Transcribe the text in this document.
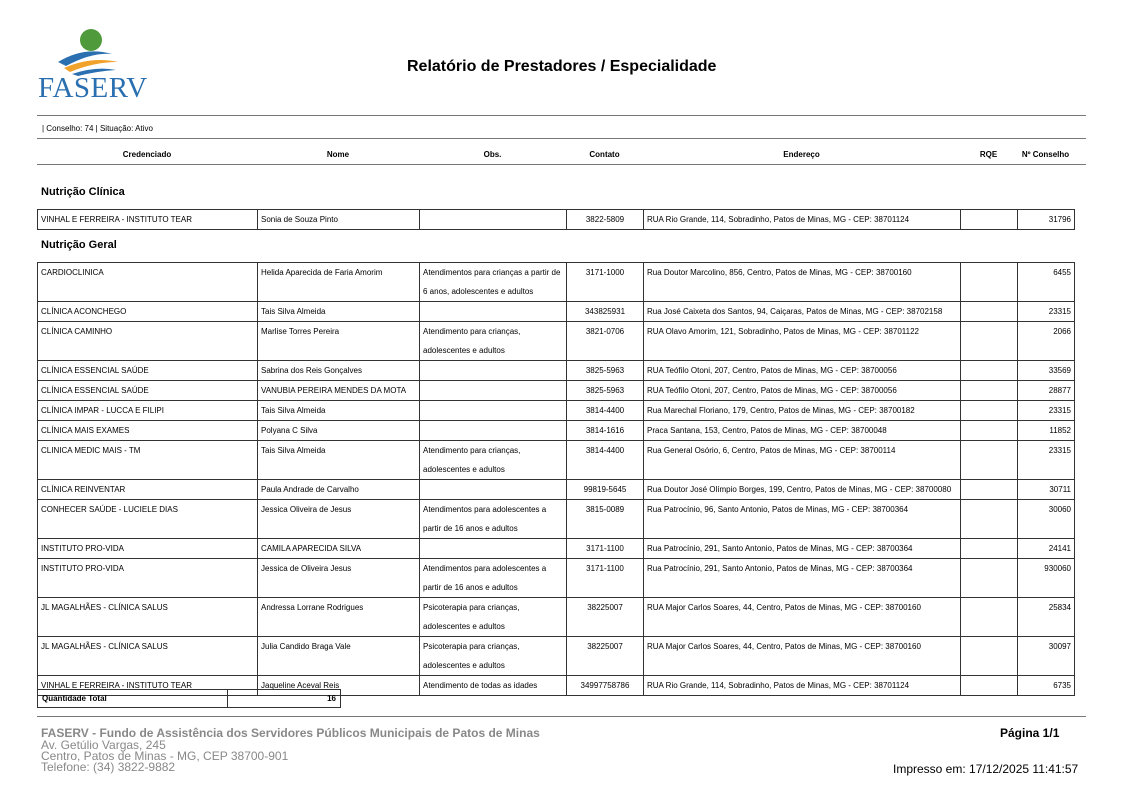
FASERV
Relatório de Prestadores / Especialidade
| Conselho: 74 | Situação: Ativo
Credenciado	Nome	Obs.	Contato	Endereço	RQE	Nº Conselho
Nutrição Clínica
VINHAL E FERREIRA - INSTITUTO TEAR	Sonia de Souza Pinto		3822-5809	RUA Rio Grande, 114, Sobradinho, Patos de Minas, MG - CEP: 38701124		31796
Nutrição Geral
CARDIOCLINICA	Helida Aparecida de Faria Amorim	Atendimentos para crianças a partir de 6 anos, adolescentes e adultos	3171-1000	Rua Doutor Marcolino, 856, Centro, Patos de Minas, MG - CEP: 38700160		6455
CLÍNICA ACONCHEGO	Tais Silva Almeida		343825931	Rua José Caixeta dos Santos, 94, Caiçaras, Patos de Minas, MG - CEP: 38702158		23315
CLÍNICA CAMINHO	Marlise Torres Pereira	Atendimento para crianças, adolescentes e adultos	3821-0706	RUA Olavo Amorim, 121, Sobradinho, Patos de Minas, MG - CEP: 38701122		2066
CLÍNICA ESSENCIAL SAÚDE	Sabrina dos Reis Gonçalves		3825-5963	RUA Teófilo Otoni, 207, Centro, Patos de Minas, MG - CEP: 38700056		33569
CLÍNICA ESSENCIAL SAÚDE	VANUBIA PEREIRA MENDES DA MOTA		3825-5963	RUA Teófilo Otoni, 207, Centro, Patos de Minas, MG - CEP: 38700056		28877
CLÍNICA IMPAR - LUCCA E FILIPI	Tais Silva Almeida		3814-4400	Rua Marechal Floriano, 179, Centro, Patos de Minas, MG - CEP: 38700182		23315
CLÍNICA MAIS EXAMES	Polyana C Silva		3814-1616	Praca Santana, 153, Centro, Patos de Minas, MG - CEP: 38700048		11852
CLINICA MEDIC MAIS - TM	Tais Silva Almeida	Atendimento para crianças, adolescentes e adultos	3814-4400	Rua General Osório, 6, Centro, Patos de Minas, MG - CEP: 38700114		23315
CLÍNICA REINVENTAR	Paula Andrade de Carvalho		99819-5645	Rua Doutor José Olímpio Borges, 199, Centro, Patos de Minas, MG - CEP: 38700080		30711
CONHECER SAÚDE - LUCIELE DIAS	Jessica Oliveira de Jesus	Atendimentos para adolescentes a partir de 16 anos e adultos	3815-0089	Rua Patrocínio, 96, Santo Antonio, Patos de Minas, MG - CEP: 38700364		30060
INSTITUTO PRO-VIDA	CAMILA APARECIDA SILVA		3171-1100	Rua Patrocínio, 291, Santo Antonio, Patos de Minas, MG - CEP: 38700364		24141
INSTITUTO PRO-VIDA	Jessica de Oliveira Jesus	Atendimentos para adolescentes a partir de 16 anos e adultos	3171-1100	Rua Patrocínio, 291, Santo Antonio, Patos de Minas, MG - CEP: 38700364		930060
JL MAGALHÃES - CLÍNICA SALUS	Andressa Lorrane Rodrigues	Psicoterapia para crianças, adolescentes e adultos	38225007	RUA Major Carlos Soares, 44, Centro, Patos de Minas, MG - CEP: 38700160		25834
JL MAGALHÃES - CLÍNICA SALUS	Julia Candido Braga Vale	Psicoterapia para crianças, adolescentes e adultos	38225007	RUA Major Carlos Soares, 44, Centro, Patos de Minas, MG - CEP: 38700160		30097
VINHAL E FERREIRA - INSTITUTO TEAR	Jaqueline Aceval Reis	Atendimento de todas as idades	34997758786	RUA Rio Grande, 114, Sobradinho, Patos de Minas, MG - CEP: 38701124		6735
Quantidade Total	16
FASERV - Fundo de Assistência dos Servidores Públicos Municipais de Patos de Minas
Av. Getúlio Vargas, 245
Centro, Patos de Minas - MG, CEP 38700-901
Telefone: (34) 3822-9882
Página 1/1
Impresso em: 17/12/2025 11:41:57
